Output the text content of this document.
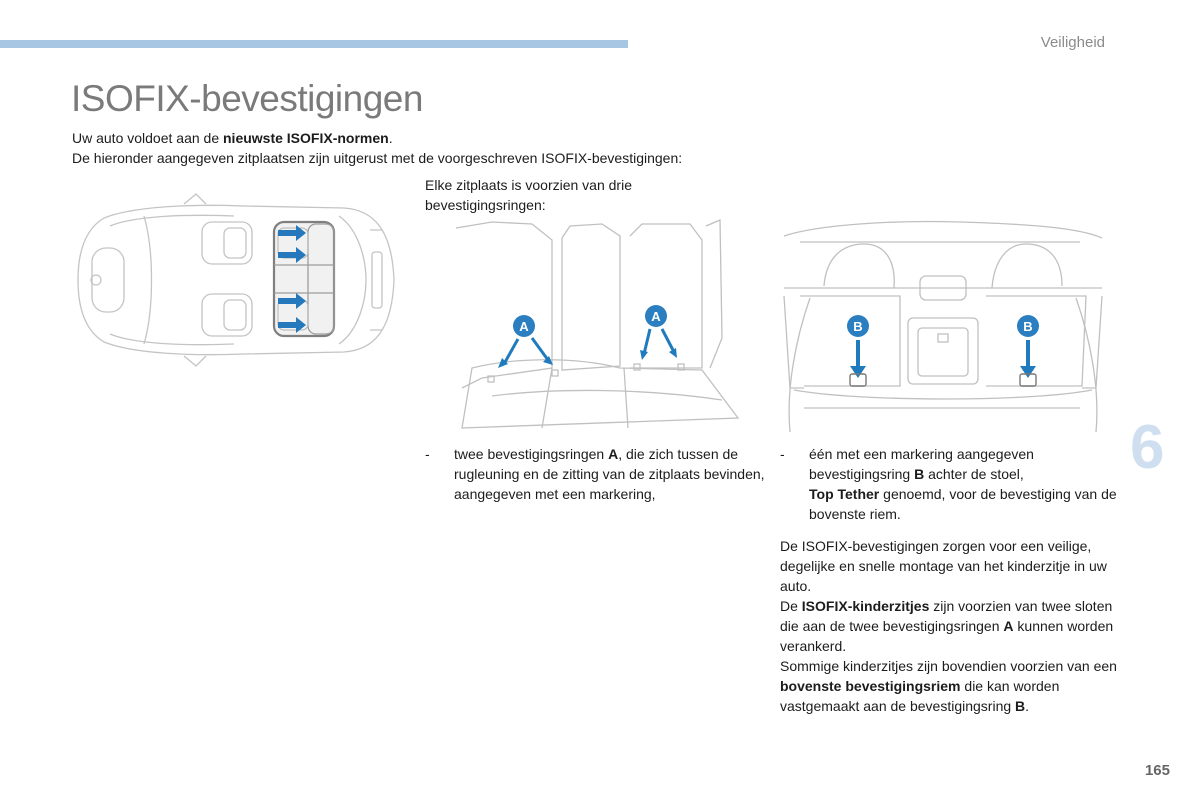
Veiligheid
ISOFIX-bevestigingen
Uw auto voldoet aan de nieuwste ISOFIX-normen.
De hieronder aangegeven zitplaatsen zijn uitgerust met de voorgeschreven ISOFIX-bevestigingen:
Elke zitplaats is voorzien van drie bevestigingsringen:
A
A
B	B
- twee bevestigingsringen A, die zich tussen de rugleuning en de zitting van de zitplaats bevinden, aangegeven met een markering,
- één met een markering aangegeven bevestigingsring B achter de stoel,
Top Tether genoemd, voor de bevestiging van de bovenste riem.
De ISOFIX-bevestigingen zorgen voor een veilige, degelijke en snelle montage van het kinderzitje in uw auto.
De ISOFIX-kinderzitjes zijn voorzien van twee sloten die aan de twee bevestigingsringen A kunnen worden verankerd.
Sommige kinderzitjes zijn bovendien voorzien van een bovenste bevestigingsriem die kan worden vastgemaakt aan de bevestigingsring B.
6
165
